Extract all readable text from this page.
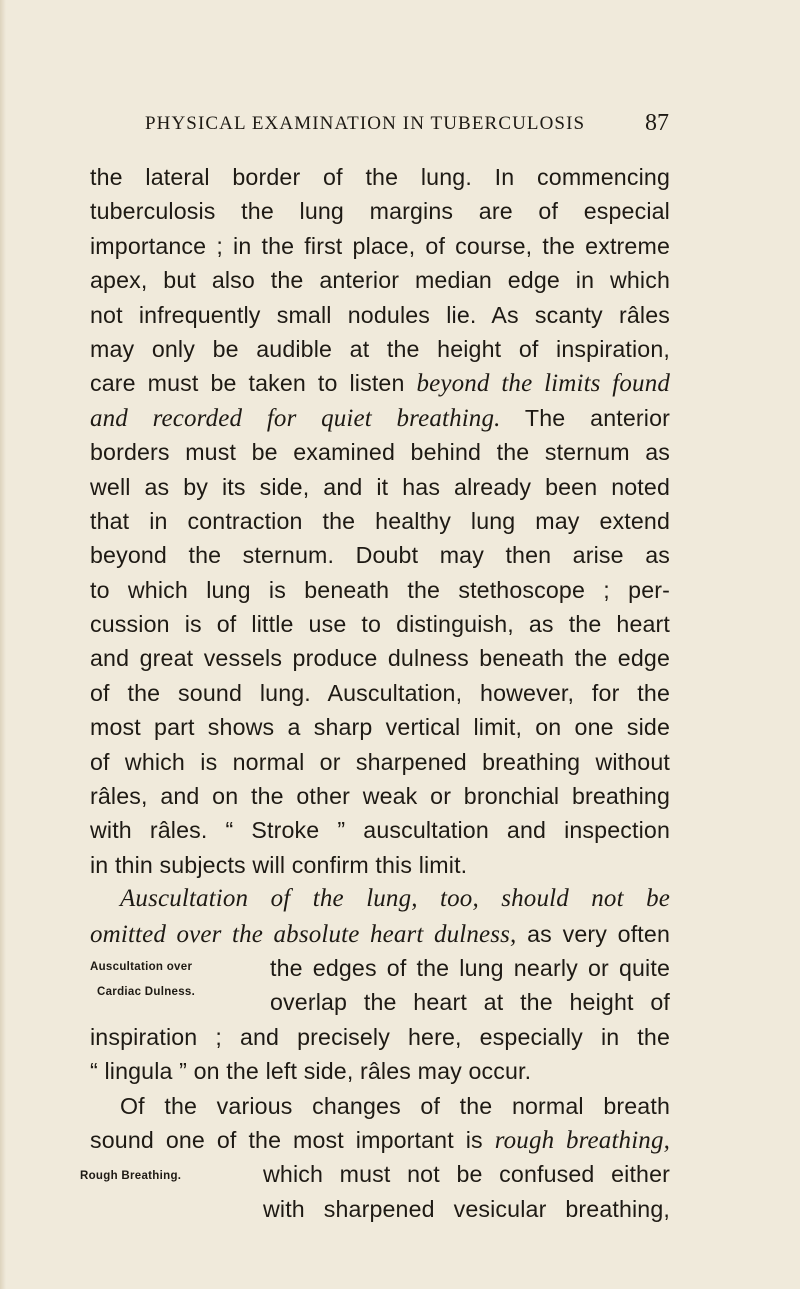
PHYSICAL EXAMINATION IN TUBERCULOSIS 87
the lateral border of the lung. In commencing
tuberculosis the lung margins are of especial
importance ; in the first place, of course, the extreme
apex, but also the anterior median edge in which
not infrequently small nodules lie. As scanty râles
may only be audible at the height of inspiration,
care must be taken to listen beyond the limits found
and recorded for quiet breathing. The anterior
borders must be examined behind the sternum as
well as by its side, and it has already been noted
that in contraction the healthy lung may extend
beyond the sternum. Doubt may then arise as
to which lung is beneath the stethoscope ; per-
cussion is of little use to distinguish, as the heart
and great vessels produce dulness beneath the edge
of the sound lung. Auscultation, however, for the
most part shows a sharp vertical limit, on one side
of which is normal or sharpened breathing without
râles, and on the other weak or bronchial breathing
with râles. “ Stroke ” auscultation and inspection
in thin subjects will confirm this limit.
Auscultation of the lung, too, should not be
omitted over the absolute heart dulness, as very often
the edges of the lung nearly or quite
overlap the heart at the height of
inspiration ; and precisely here, especially in the
“ lingula ” on the left side, râles may occur.
Of the various changes of the normal breath
sound one of the most important is rough breathing,
which must not be confused either
with sharpened vesicular breathing,
Auscultation over
Cardiac Dulness.
Rough Breathing.
